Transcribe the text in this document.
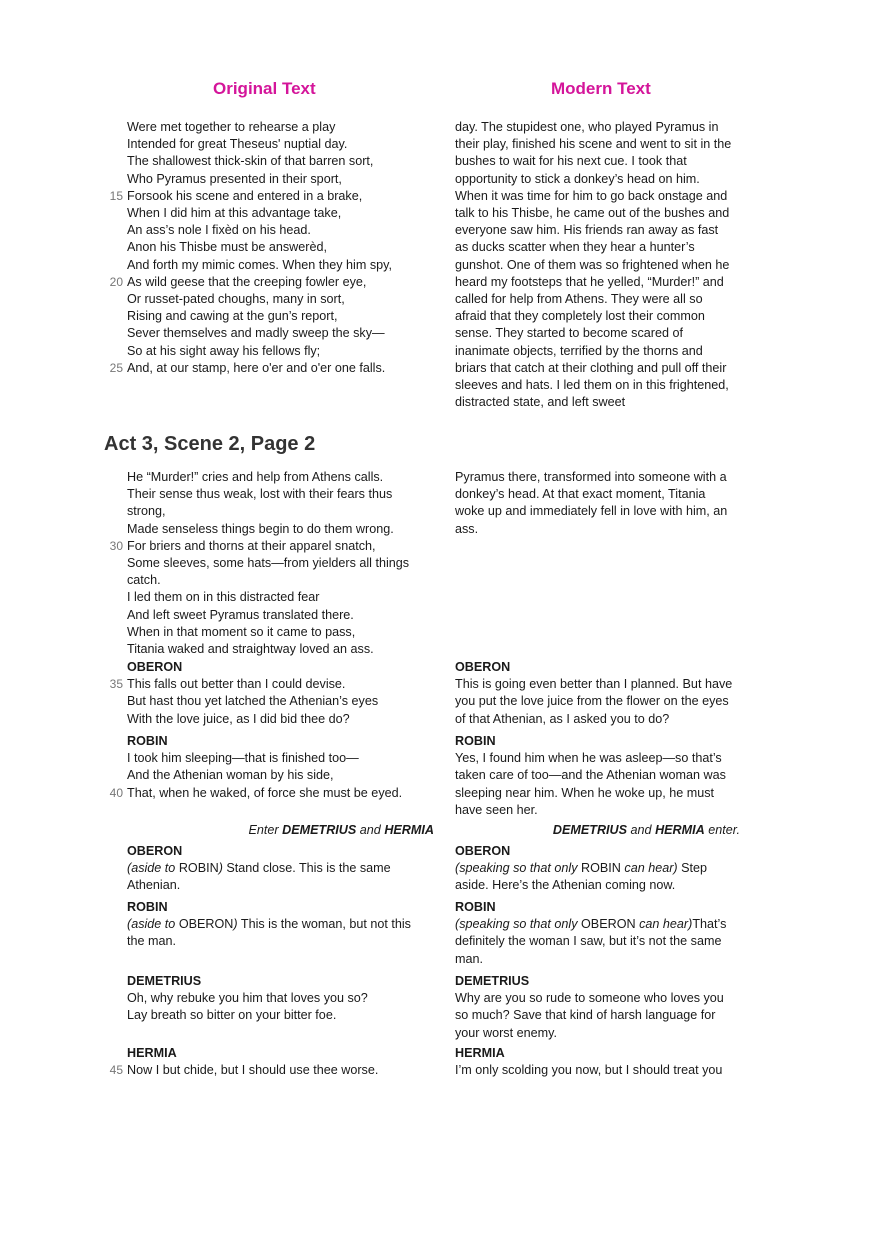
Original Text	Modern Text
Were met together to rehearse a play
Intended for great Theseus' nuptial day.
The shallowest thick-skin of that barren sort,
Who Pyramus presented in their sport,
15 Forsook his scene and entered in a brake,
When I did him at this advantage take,
An ass’s nole I fixèd on his head.
Anon his Thisbe must be answerèd,
And forth my mimic comes. When they him spy,
20 As wild geese that the creeping fowler eye,
Or russet-pated choughs, many in sort,
Rising and cawing at the gun’s report,
Sever themselves and madly sweep the sky—
So at his sight away his fellows fly;
25 And, at our stamp, here o'er and o'er one falls.
day. The stupidest one, who played Pyramus in
their play, finished his scene and went to sit in the
bushes to wait for his next cue. I took that
opportunity to stick a donkey’s head on him.
When it was time for him to go back onstage and
talk to his Thisbe, he came out of the bushes and
everyone saw him. His friends ran away as fast
as ducks scatter when they hear a hunter’s
gunshot. One of them was so frightened when he
heard my footsteps that he yelled, “Murder!” and
called for help from Athens. They were all so
afraid that they completely lost their common
sense. They started to become scared of
inanimate objects, terrified by the thorns and
briars that catch at their clothing and pull off their
sleeves and hats. I led them on in this frightened,
distracted state, and left sweet
Act 3, Scene 2, Page 2
He “Murder!” cries and help from Athens calls.
Their sense thus weak, lost with their fears thus
strong,
Made senseless things begin to do them wrong.
30 For briers and thorns at their apparel snatch,
Some sleeves, some hats—from yielders all things
catch.
I led them on in this distracted fear
And left sweet Pyramus translated there.
When in that moment so it came to pass,
Titania waked and straightway loved an ass.
Pyramus there, transformed into someone with a
donkey’s head. At that exact moment, Titania
woke up and immediately fell in love with him, an
ass.
OBERON
35 This falls out better than I could devise.
But hast thou yet latched the Athenian’s eyes
With the love juice, as I did bid thee do?
OBERON
This is going even better than I planned. But have
you put the love juice from the flower on the eyes
of that Athenian, as I asked you to do?
ROBIN
I took him sleeping—that is finished too—
And the Athenian woman by his side,
40 That, when he waked, of force she must be eyed.
ROBIN
Yes, I found him when he was asleep—so that’s
taken care of too—and the Athenian woman was
sleeping near him. When he woke up, he must
have seen her.
Enter DEMETRIUS and HERMIA	DEMETRIUS and HERMIA enter.
OBERON
(aside to ROBIN) Stand close. This is the same
Athenian.
OBERON
(speaking so that only ROBIN can hear) Step
aside. Here’s the Athenian coming now.
ROBIN
(aside to OBERON) This is the woman, but not this
the man.
ROBIN
(speaking so that only OBERON can hear)That’s
definitely the woman I saw, but it’s not the same
man.
DEMETRIUS
Oh, why rebuke you him that loves you so?
Lay breath so bitter on your bitter foe.
DEMETRIUS
Why are you so rude to someone who loves you
so much? Save that kind of harsh language for
your worst enemy.
HERMIA
45 Now I but chide, but I should use thee worse.
HERMIA
I’m only scolding you now, but I should treat you
